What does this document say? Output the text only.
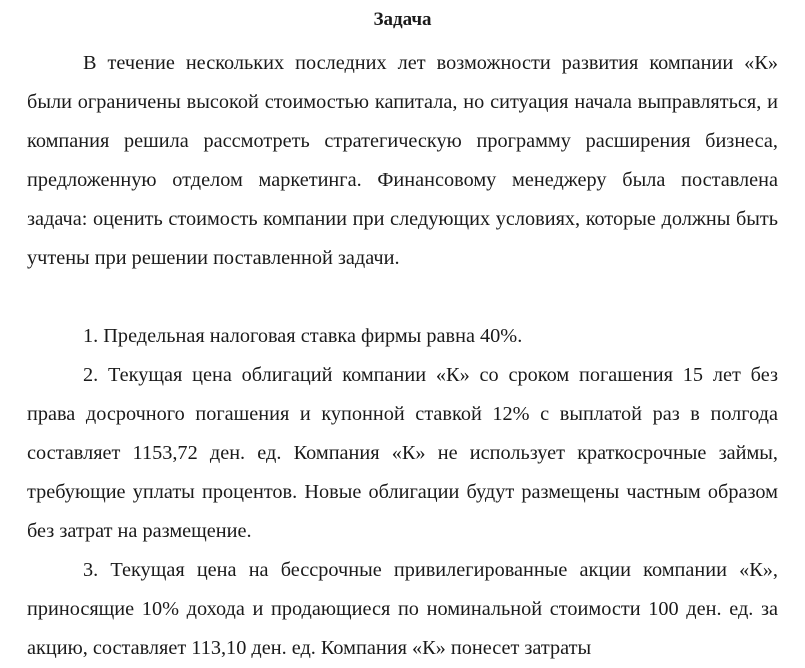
Задача

В течение нескольких последних лет возможности развития компании «К» были ограничены высокой стоимостью капитала, но ситуация начала выправляться, и компания решила рассмотреть стратегическую программу расширения бизнеса, предложенную отделом маркетинга. Финансовому менеджеру была поставлена задача: оценить стоимость компании при следующих условиях, которые должны быть учтены при решении поставленной задачи.

1. Предельная налоговая ставка фирмы равна 40%.

2. Текущая цена облигаций компании «К» со сроком погашения 15 лет без права досрочного погашения и купонной ставкой 12% с выплатой раз в полгода составляет 1153,72 ден. ед. Компания «К» не использует краткосрочные займы, требующие уплаты процентов. Новые облигации будут размещены частным образом без затрат на размещение.

3. Текущая цена на бессрочные привилегированные акции компании «К», приносящие 10% дохода и продающиеся по номинальной стоимости 100 ден. ед. за акцию, составляет 113,10 ден. ед. Компания «К» понесет затраты
